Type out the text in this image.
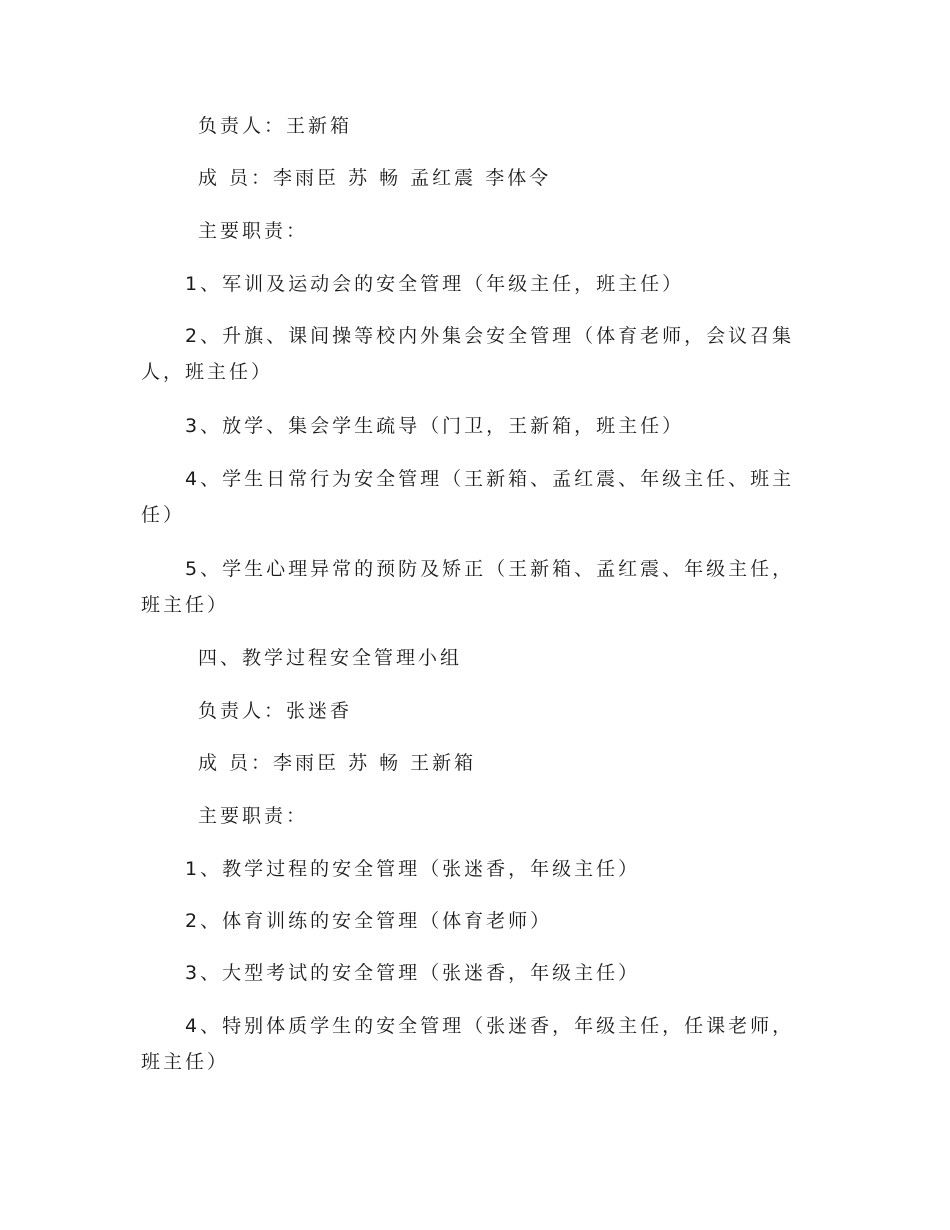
负责人：王新箱
成 员：李雨臣 苏 畅 孟红震 李体令
主要职责：
1、军训及运动会的安全管理（年级主任，班主任）
2、升旗、课间操等校内外集会安全管理（体育老师，会议召集人，班主任）
3、放学、集会学生疏导（门卫，王新箱，班主任）
4、学生日常行为安全管理（王新箱、孟红震、年级主任、班主任）
5、学生心理异常的预防及矫正（王新箱、孟红震、年级主任，班主任）
四、教学过程安全管理小组
负责人：张迷香
成 员：李雨臣 苏 畅 王新箱
主要职责：
1、教学过程的安全管理（张迷香，年级主任）
2、体育训练的安全管理（体育老师）
3、大型考试的安全管理（张迷香，年级主任）
4、特别体质学生的安全管理（张迷香，年级主任，任课老师，班主任）
